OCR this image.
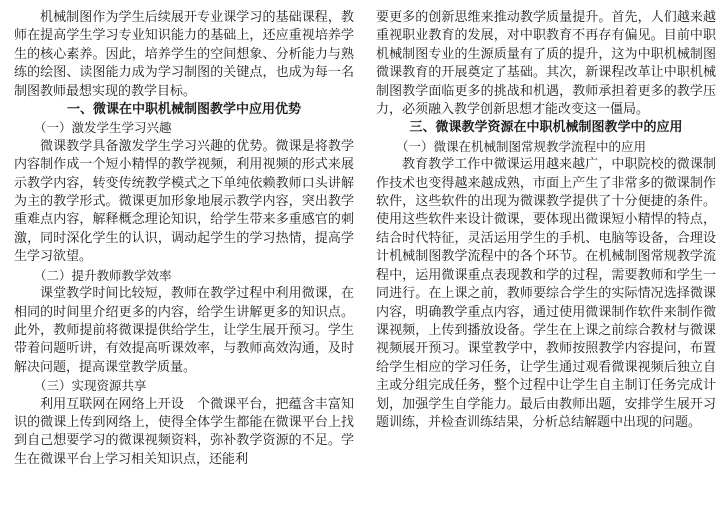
机械制图作为学生后续展开专业课学习的基础课程，教师在提高学生学习专业知识能力的基础上，还应重视培养学生的核心素养。因此，培养学生的空间想象、分析能力与熟练的绘图、读图能力成为学习制图的关键点，也成为每一名制图教师最想实现的教学目标。

一、微课在中职机械制图教学中应用优势
（一）激发学生学习兴趣

微课教学具备激发学生学习兴趣的优势。微课是将教学内容制作成一个短小精悍的教学视频，利用视频的形式来展示教学内容，转变传统教学模式之下单纯依赖教师口头讲解为主的教学形式。微课更加形象地展示教学内容，突出教学重难点内容，解释概念理论知识，给学生带来多重感官的刺激，同时深化学生的认识，调动起学生的学习热情，提高学生学习欲望。

（二）提升教师教学效率

课堂教学时间比较短，教师在教学过程中利用微课，在相同的时间里介绍更多的内容，给学生讲解更多的知识点。此外，教师提前将微课提供给学生，让学生展开预习。学生带着问题听讲，有效提高听课效率，与教师高效沟通，及时解决问题，提高课堂教学质量。

（三）实现资源共享

利用互联网在网络上开设　个微课平台，把蕴含丰富知识的微课上传到网络上，使得全体学生都能在微课平台上找到自己想要学习的微课视频资料，弥补教学资源的不足。学生在微课平台上学习相关知识点，还能利

要更多的创新思维来推动教学质量提升。首先，人们越来越重视职业教育的发展，对中职教育不再存有偏见。目前中职机械制图专业的生源质量有了质的提升，这为中职机械制图微课教育的开展奠定了基础。其次，新课程改革让中职机械制图教学面临更多的挑战和机遇，教师承担着更多的教学压力，必须融入教学创新思想才能改变这一僵局。

三、微课教学资源在中职机械制图教学中的应用
（一）微课在机械制图常规教学流程中的应用

教育教学工作中微课运用越来越广，中职院校的微课制作技术也变得越来越成熟，市面上产生了非常多的微课制作软件，这些软件的出现为微课教学提供了十分便捷的条件。使用这些软件来设计微课，要体现出微课短小精悍的特点，结合时代特征，灵活运用学生的手机、电脑等设备，合理设计机械制图教学流程中的各个环节。在机械制图常规教学流程中，运用微课重点表现教和学的过程，需要教师和学生一同进行。在上课之前，教师要综合学生的实际情况选择微课内容，明确教学重点内容，通过使用微课制作软件来制作微课视频，上传到播放设备。学生在上课之前综合教材与微课视频展开预习。课堂教学中，教师按照教学内容提问，布置给学生相应的学习任务，让学生通过观看微课视频后独立自主或分组完成任务，整个过程中让学生自主制订任务完成计划，加强学生自学能力。最后由教师出题，安排学生展开习题训练，并检查训练结果，分析总结解题中出现的问题。
